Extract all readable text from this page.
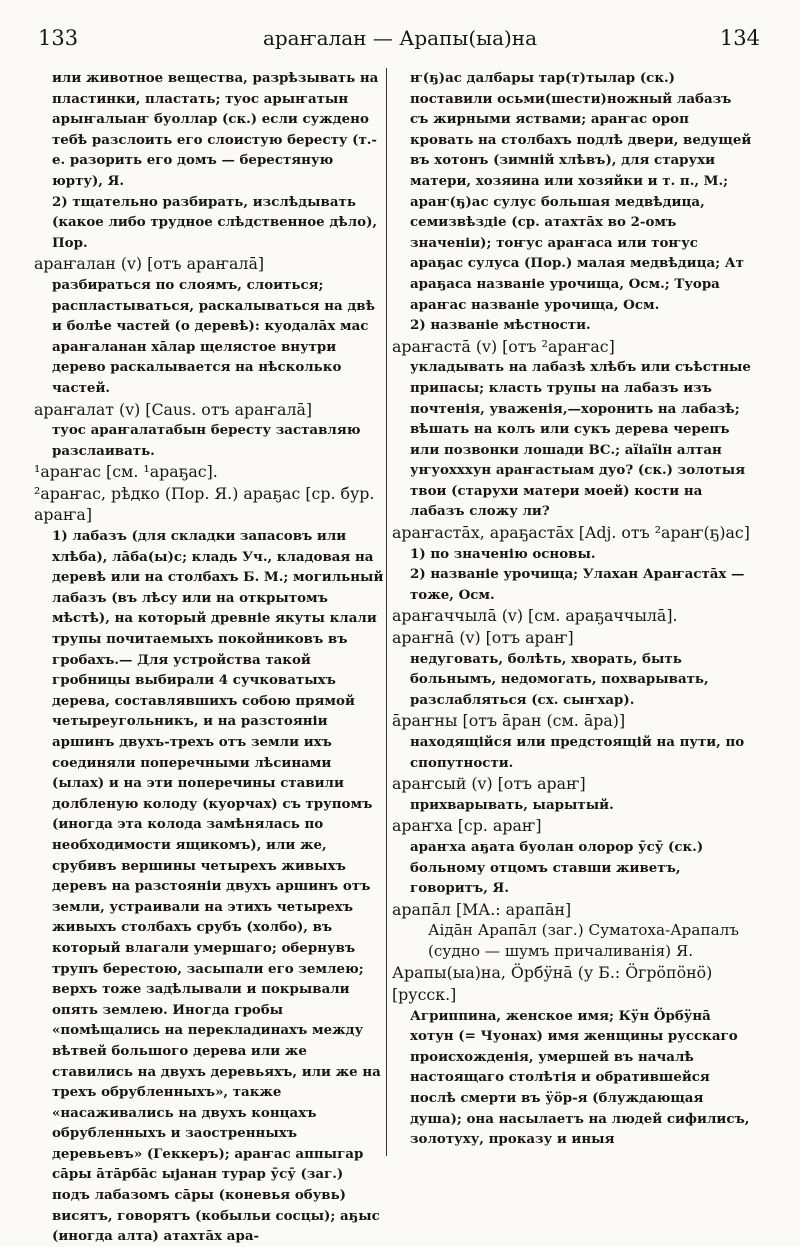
133	араҥалан — Арапы(ыа)на	134

или животное вещества, разрѣзывать на пластинки, пластать; туос арыҥатын арыҥалыаҥ буоллар (ск.) если суждено тебѣ разслоить его слоистую бересту (т.-е. разорить его домъ — берестяную юрту), Я.

2) тщательно разбирать, изслѣдывать (какое либо трудное слѣдственное дѣло), Пор.

араҥалан (v) [отъ араҥалā]

разбираться по слоямъ, слоиться; распластываться, раскалываться на двѣ и болѣе частей (о деревѣ): куодалāх мас араҥаланан хāлар щелястое внутри дерево раскалывается на нѣсколько частей.

араҥалат (v) [Caus. отъ араҥалā]

туос араҥалатабын бересту заставляю разслаивать.

¹араҥас [см. ¹араҕас].

²араҥас, рѣдко (Пор. Я.) араҕас [ср. бур. араҥа]

1) лабазъ (для складки запасовъ или хлѣба), лāба(ы)с; кладь Уч., кладовая на деревѣ или на столбахъ Б. М.; могильный лабазъ (въ лѣсу или на открытомъ мѣстѣ), на который древніе якуты клали трупы почитаемыхъ покойниковъ въ гробахъ.— Для устройства такой гробницы выбирали 4 сучковатыхъ дерева, составлявшихъ собою прямой четыреугольникъ, и на разстояніи аршинъ двухъ-трехъ отъ земли ихъ соединяли поперечными лѣсинами (ылах) и на эти поперечины ставили долбленую колоду (куорчах) съ трупомъ (иногда эта колода замѣнялась по необходимости ящикомъ), или же, срубивъ вершины четырехъ живыхъ деревъ на разстояніи двухъ аршинъ отъ земли, устраивали на этихъ четырехъ живыхъ столбахъ срубъ (холбо), въ который влагали умершаго; обернувъ трупъ берестою, засыпали его землею; верхъ тоже задѣлывали и покрывали опять землею. Иногда гробы «помѣщались на перекладинахъ между вѣтвей большого дерева или же ставились на двухъ деревьяхъ, или же на трехъ обрубленныхъ», также «насаживались на двухъ концахъ обрубленныхъ и заостренныхъ деревьевъ» (Геккеръ); араҥас аппыгар сāры āтāрбāс ыјанан турар ӯсӯ (заг.) подъ лабазомъ сāры (коневья обувь) висятъ, говорятъ (кобыльи сосцы); аҕыс (иногда алта) атахтāх ара-

ҥ(ҕ)ас далбары тар(т)тылар (ск.) поставили осьми(шести)ножный лабазъ съ жирными яствами; араҥас ороп кровать на столбахъ подлѣ двери, ведущей въ хотонъ (зимній хлѣвъ), для старухи матери, хозяина или хозяйки и т. п., М.; араҥ(ҕ)ас сулус большая медвѣдица, семизвѣздіе (ср. атахтāх во 2-омъ значеніи); тоҥус араҥаса или тоҥус араҕас сулуса (Пор.) малая медвѣдица; Ат араҕаса названіе урочища, Осм.; Туора араҥас названіе урочища, Осм.

2) названіе мѣстности.

араҥастā (v) [отъ ²араҥас]

укладывать на лабазѣ хлѣбъ или съѣстные припасы; класть трупы на лабазъ изъ почтенія, уваженія,—хоронить на лабазѣ; вѣшать на колъ или сукъ дерева черепъ или позвонки лошади ВС.; аїіаїін алтан уҥуохххун араҥастыам дуо? (ск.) золотыя твои (старухи матери моей) кости на лабазъ сложу ли?

араҥастāх, араҕастāх [Adj. отъ ²араҥ(ҕ)ас]

1) по значенію основы.

2) названіе урочища; Улахан Араҥастāх — тоже, Осм.

араҥаччылā (v) [см. араҕаччылā].

араҥнā (v) [отъ араҥ]

недуговать, болѣть, хворать, быть больнымъ, недомогать, похварывать, разслабляться (сх. сыҥхар).

āраҥны [отъ āран (см. āра)]

находящійся или предстоящій на пути, по спопутности.

араҥсый (v) [отъ араҥ]

прихварывать, ыарытый.

араҥха [ср. араҥ]

араҥха аҕата буолан олорор ӯсӯ (ск.) больному отцомъ ставши живетъ, говоритъ, Я.

арапāл [МА.: арапāн]

Аідāн Арапāл (заг.) Суматоха-Арапалъ (судно — шумъ причаливанія) Я.

Арапы(ыа)на, Ӧрбӱнā (у Б.: Ӧгрӧпӧнӧ) [русск.]

Агриппина, женское имя; Кӱн Ӧрбӱнā хотун (= Чуонах) имя женщины русскаго происхожденія, умершей въ началѣ настоящаго столѣтія и обратившейся послѣ смерти въ ӱӧр-я (блуждающая душа); она насылаетъ на людей сифилисъ, золотуху, проказу и иныя
